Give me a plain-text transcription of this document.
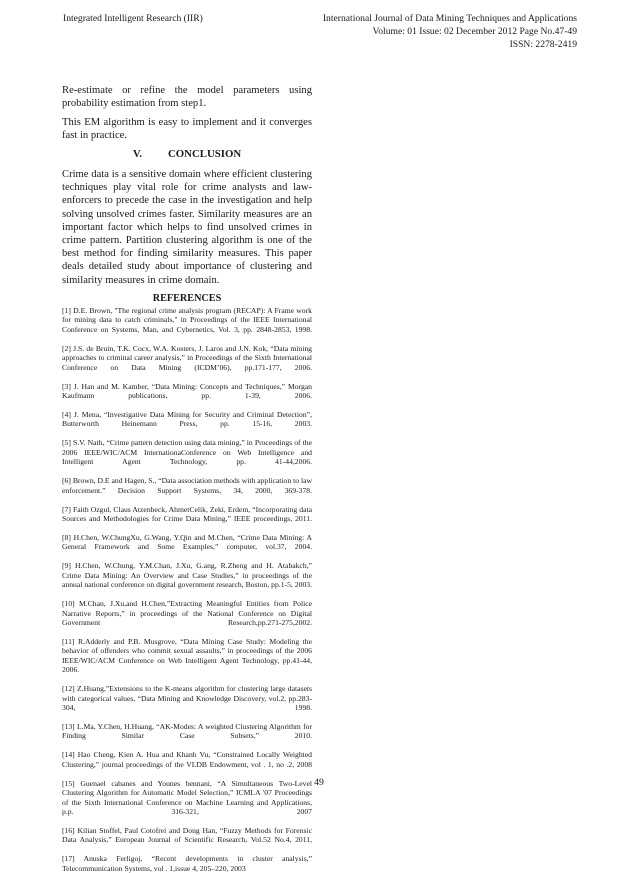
Integrated Intelligent Research (IIR)	International Journal of Data Mining Techniques and Applications
Volume: 01 Issue: 02 December 2012 Page No.47-49
ISSN: 2278-2419

Re-estimate or refine the model parameters using probability estimation from step1.

This EM algorithm is easy to implement and it converges fast in practice.

V. CONCLUSION

Crime data is a sensitive domain where efficient clustering techniques play vital role for crime analysts and law-enforcers to precede the case in the investigation and help solving unsolved crimes faster. Similarity measures are an important factor which helps to find unsolved crimes in crime pattern. Partition clustering algorithm is one of the best method for finding similarity measures. This paper deals detailed study about importance of clustering and similarity measures in crime domain.

REFERENCES

[1] D.E. Brown, "The regional crime analysis program (RECAP): A Frame work for mining data to catch criminals," in Proceedings of the IEEE International Conference on Systems, Man, and Cybernetics, Vol. 3, pp. 2848-2853, 1998.

[2] J.S. de Bruin, T.K. Cocx, W.A. Kosters, J. Laros and J.N. Kok, “Data mining approaches to criminal career analysis,” in Proceedings of the Sixth International Conference on Data Mining (ICDM’06), pp.171-177, 2006.

[3] J. Han and M. Kamber, “Data Mining: Concepts and Techniques,” Morgan Kaufmann publications, pp. 1-39, 2006.

[4] J. Mena, “Investigative Data Mining for Security and Criminal Detection”, Butterworth Heinemann Press, pp. 15-16, 2003.

[5] S.V. Nath, “Crime pattern detection using data mining,” in Proceedings of the 2006 IEEE/WIC/ACM InternationaConference on Web Intelligence and Intelligent Agent Technology, pp. 41-44,2006.

[6] Brown, D.E and Hagen, S., “Data association methods with application to law enforcement.” Decision Support Systems, 34, 2000, 369-378.

[7] Faith Ozgul, Claus Atzenbeck, AhmetCelik, Zeki, Erdem, “Incorporating data Sources and Methodologies for Crime Data Mining,” IEEE proceedings, 2011.

[8] H.Chen, W.ChungXu, G.Wang, Y.Qin and M.Chen, “Crime Data Mining: A General Framework and Some Examples,” computer, vol.37, 2004.

[9] H.Chen, W.Chung, Y.M.Chan, J.Xu, G.ang, R.Zheng and H. Atabakch,” Crime Data Mining: An Overview and Case Studies,” in proceedings of the annual national conference on digital government research, Boston, pp.1-5, 2003.

[10] M.Chan, J.Xu,and H.Chen,”Extracting Meaningful Entities from Police Narrative Reports,” in proceedings of the National Conference on Digital Government Research,pp.271-275,2002.

[11] R.Adderly and P.B. Musgrove, “Data Mining Case Study: Modeling the behavior of offenders who commit sexual assaults,” in proceedings of the 2006 IEEE/WIC/ACM Conference on Web Intelligent Agent Technology, pp.41-44, 2006.

[12] Z.Huang,”Extensions to the K-means algorithm for clustering large datasets with categorical values, “Data Mining and Knowledge Discovery, vol.2, pp.283-304, 1998.

[13] L.Ma, Y.Chen, H.Huang, “AK-Modes: A weighted Clustering Algorithm for Finding Similar Case Subsets,” 2010.

[14] Hao Cheng, Kien A. Hua and Khanh Vu, “Constrained Locally Weighted Clustering,” journal proceedings of the VLDB Endowment, vol . 1, no .2, 2008

[15] Guenael cabanes and Younes bennani, “A Simultaneous Two-Level Clustering Algorithm for Automatic Model Selection,” ICMLA '07 Proceedings of the Sixth International Conference on Machine Learning and Applications, p.p. 316-321, 2007

[16] Kilian Stoffel, Paul Cotofrei and Dong Han, “Fuzzy Methods for Forensic Data Analysis,” European Journal of Scientific Research, Vol.52 No.4, 2011,

[17] Anuska Ferligoj, “Recent developments in cluster analysis,” Telecommunication Systems, vol . 1,issue 4, 205–220, 2003

49
